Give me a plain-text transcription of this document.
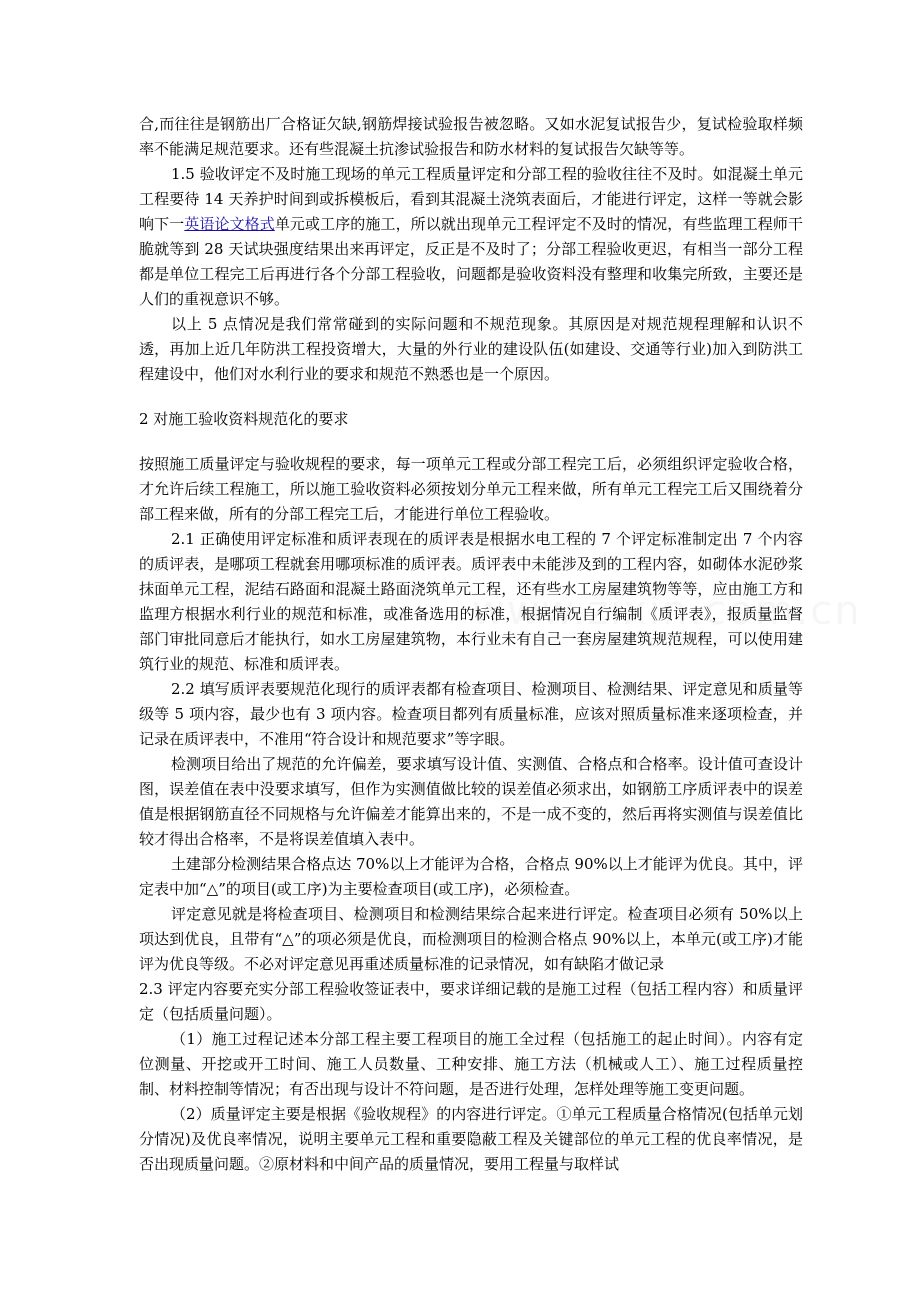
合,而往往是钢筋出厂合格证欠缺,钢筋焊接试验报告被忽略。又如水泥复试报告少，复试检验取样频率不能满足规范要求。还有些混凝土抗渗试验报告和防水材料的复试报告欠缺等等。

1.5 验收评定不及时施工现场的单元工程质量评定和分部工程的验收往往不及时。如混凝土单元工程要待 14 天养护时间到或拆模板后，看到其混凝土浇筑表面后，才能进行评定，这样一等就会影响下一英语论文格式单元或工序的施工，所以就出现单元工程评定不及时的情况，有些监理工程师干脆就等到 28 天试块强度结果出来再评定，反正是不及时了；分部工程验收更迟，有相当一部分工程都是单位工程完工后再进行各个分部工程验收，问题都是验收资料没有整理和收集完所致，主要还是人们的重视意识不够。

以上 5 点情况是我们常常碰到的实际问题和不规范现象。其原因是对规范规程理解和认识不透，再加上近几年防洪工程投资增大，大量的外行业的建设队伍(如建设、交通等行业)加入到防洪工程建设中，他们对水利行业的要求和规范不熟悉也是一个原因。

2 对施工验收资料规范化的要求

按照施工质量评定与验收规程的要求，每一项单元工程或分部工程完工后，必须组织评定验收合格，才允许后续工程施工，所以施工验收资料必须按划分单元工程来做，所有单元工程完工后又围绕着分部工程来做，所有的分部工程完工后，才能进行单位工程验收。

2.1 正确使用评定标准和质评表现在的质评表是根据水电工程的 7 个评定标准制定出 7 个内容的质评表，是哪项工程就套用哪项标准的质评表。质评表中未能涉及到的工程内容，如砌体水泥砂浆抹面单元工程，泥结石路面和混凝土路面浇筑单元工程，还有些水工房屋建筑物等等，应由施工方和监理方根据水利行业的规范和标准，或准备选用的标准，根据情况自行编制《质评表》，报质量监督部门审批同意后才能执行，如水工房屋建筑物，本行业未有自己一套房屋建筑规范规程，可以使用建筑行业的规范、标准和质评表。

2.2 填写质评表要规范化现行的质评表都有检查项目、检测项目、检测结果、评定意见和质量等级等 5 项内容，最少也有 3 项内容。检查项目都列有质量标准，应该对照质量标准来逐项检查，并记录在质评表中，不准用“符合设计和规范要求”等字眼。

检测项目给出了规范的允许偏差，要求填写设计值、实测值、合格点和合格率。设计值可查设计图，误差值在表中没要求填写，但作为实测值做比较的误差值必须求出，如钢筋工序质评表中的误差值是根据钢筋直径不同规格与允许偏差才能算出来的，不是一成不变的，然后再将实测值与误差值比较才得出合格率，不是将误差值填入表中。

土建部分检测结果合格点达 70%以上才能评为合格，合格点 90%以上才能评为优良。其中，评定表中加“△”的项目(或工序)为主要检查项目(或工序)，必须检查。

评定意见就是将检查项目、检测项目和检测结果综合起来进行评定。检查项目必须有 50%以上项达到优良，且带有“△”的项必须是优良，而检测项目的检测合格点 90%以上，本单元(或工序)才能评为优良等级。不必对评定意见再重述质量标准的记录情况，如有缺陷才做记录

2.3 评定内容要充实分部工程验收签证表中，要求详细记载的是施工过程（包括工程内容）和质量评定（包括质量问题）。

（1）施工过程记述本分部工程主要工程项目的施工全过程（包括施工的起止时间）。内容有定位测量、开挖或开工时间、施工人员数量、工种安排、施工方法（机械或人工）、施工过程质量控制、材料控制等情况；有否出现与设计不符问题，是否进行处理，怎样处理等施工变更问题。

（2）质量评定主要是根据《验收规程》的内容进行评定。①单元工程质量合格情况(包括单元划分情况)及优良率情况，说明主要单元工程和重要隐蔽工程及关键部位的单元工程的优良率情况，是否出现质量问题。②原材料和中间产品的质量情况，要用工程量与取样试
